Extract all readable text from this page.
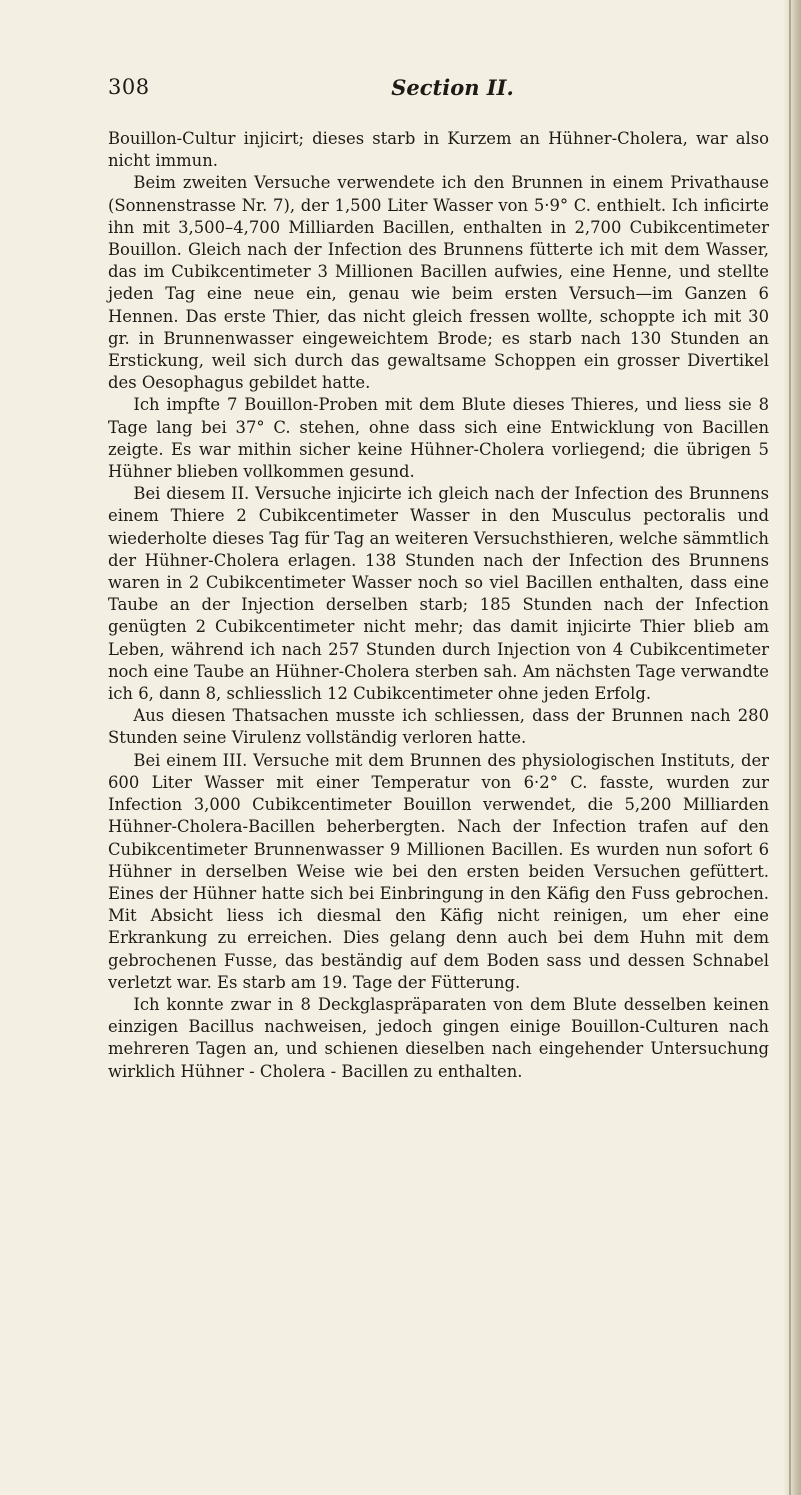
308	Section II.

Bouillon-Cultur injicirt; dieses starb in Kurzem an Hühner-Cholera, war also nicht immun.

Beim zweiten Versuche verwendete ich den Brunnen in einem Privathause (Sonnenstrasse Nr. 7), der 1,500 Liter Wasser von 5·9° C. enthielt. Ich inficirte ihn mit 3,500–4,700 Milliarden Bacillen, enthalten in 2,700 Cubikcentimeter Bouillon. Gleich nach der Infection des Brunnens fütterte ich mit dem Wasser, das im Cubikcentimeter 3 Millionen Bacillen aufwies, eine Henne, und stellte jeden Tag eine neue ein, genau wie beim ersten Versuch—im Ganzen 6 Hennen. Das erste Thier, das nicht gleich fressen wollte, schoppte ich mit 30 gr. in Brunnenwasser eingeweichtem Brode; es starb nach 130 Stunden an Erstickung, weil sich durch das gewaltsame Schoppen ein grosser Divertikel des Oesophagus gebildet hatte.

Ich impfte 7 Bouillon-Proben mit dem Blute dieses Thieres, und liess sie 8 Tage lang bei 37° C. stehen, ohne dass sich eine Entwicklung von Bacillen zeigte. Es war mithin sicher keine Hühner-Cholera vorliegend; die übrigen 5 Hühner blieben vollkommen gesund.

Bei diesem II. Versuche injicirte ich gleich nach der Infection des Brunnens einem Thiere 2 Cubikcentimeter Wasser in den Musculus pectoralis und wiederholte dieses Tag für Tag an weiteren Versuchsthieren, welche sämmtlich der Hühner-Cholera erlagen. 138 Stunden nach der Infection des Brunnens waren in 2 Cubikcentimeter Wasser noch so viel Bacillen enthalten, dass eine Taube an der Injection derselben starb; 185 Stunden nach der Infection genügten 2 Cubikcentimeter nicht mehr; das damit injicirte Thier blieb am Leben, während ich nach 257 Stunden durch Injection von 4 Cubikcentimeter noch eine Taube an Hühner-Cholera sterben sah. Am nächsten Tage verwandte ich 6, dann 8, schliesslich 12 Cubikcentimeter ohne jeden Erfolg.

Aus diesen Thatsachen musste ich schliessen, dass der Brunnen nach 280 Stunden seine Virulenz vollständig verloren hatte.

Bei einem III. Versuche mit dem Brunnen des physiologischen Instituts, der 600 Liter Wasser mit einer Temperatur von 6·2° C. fasste, wurden zur Infection 3,000 Cubikcentimeter Bouillon verwendet, die 5,200 Milliarden Hühner-Cholera-Bacillen beherbergten. Nach der Infection trafen auf den Cubikcentimeter Brunnenwasser 9 Millionen Bacillen. Es wurden nun sofort 6 Hühner in derselben Weise wie bei den ersten beiden Versuchen gefüttert. Eines der Hühner hatte sich bei Einbringung in den Käfig den Fuss gebrochen. Mit Absicht liess ich diesmal den Käfig nicht reinigen, um eher eine Erkrankung zu erreichen. Dies gelang denn auch bei dem Huhn mit dem gebrochenen Fusse, das beständig auf dem Boden sass und dessen Schnabel verletzt war. Es starb am 19. Tage der Fütterung.

Ich konnte zwar in 8 Deckglaspräparaten von dem Blute desselben keinen einzigen Bacillus nachweisen, jedoch gingen einige Bouillon-Culturen nach mehreren Tagen an, und schienen dieselben nach eingehender Untersuchung wirklich Hühner - Cholera - Bacillen zu enthalten.
